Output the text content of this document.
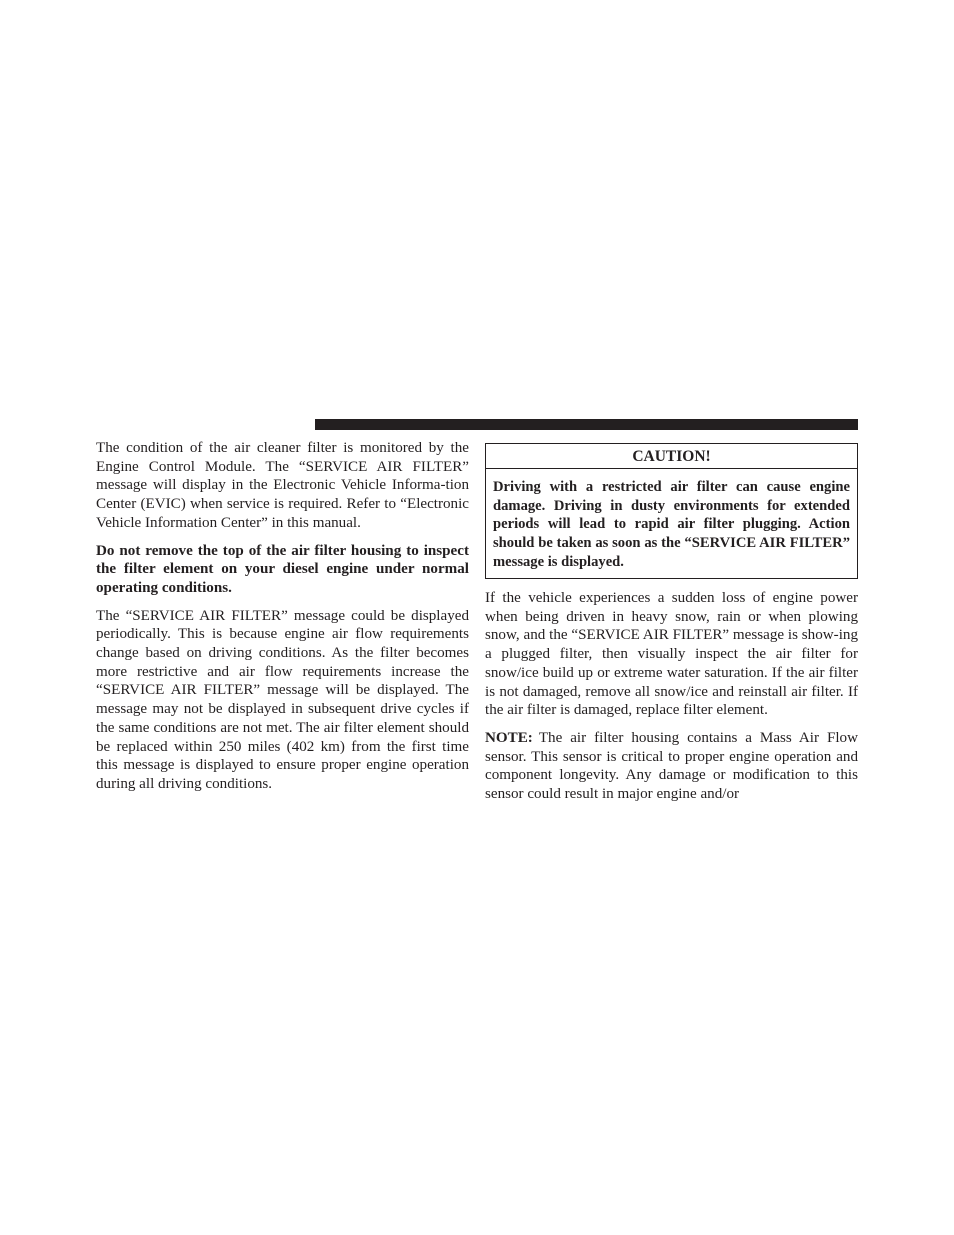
The condition of the air cleaner filter is monitored by the Engine Control Module. The “SERVICE AIR FILTER” message will display in the Electronic Vehicle Informa-tion Center (EVIC) when service is required. Refer to “Electronic Vehicle Information Center” in this manual.

Do not remove the top of the air filter housing to inspect the filter element on your diesel engine under normal operating conditions.

The “SERVICE AIR FILTER” message could be displayed periodically. This is because engine air flow requirements change based on driving conditions. As the filter becomes more restrictive and air flow requirements increase the “SERVICE AIR FILTER” message will be displayed. The message may not be displayed in subsequent drive cycles if the same conditions are not met. The air filter element should be replaced within 250 miles (402 km) from the first time this message is displayed to ensure proper engine operation during all driving conditions.

CAUTION!
Driving with a restricted air filter can cause engine damage. Driving in dusty environments for extended periods will lead to rapid air filter plugging. Action should be taken as soon as the “SERVICE AIR FILTER” message is displayed.

If the vehicle experiences a sudden loss of engine power when being driven in heavy snow, rain or when plowing snow, and the “SERVICE AIR FILTER” message is show-ing a plugged filter, then visually inspect the air filter for snow/ice build up or extreme water saturation. If the air filter is not damaged, remove all snow/ice and reinstall air filter. If the air filter is damaged, replace filter element.

NOTE: The air filter housing contains a Mass Air Flow sensor. This sensor is critical to proper engine operation and component longevity. Any damage or modification to this sensor could result in major engine and/or
